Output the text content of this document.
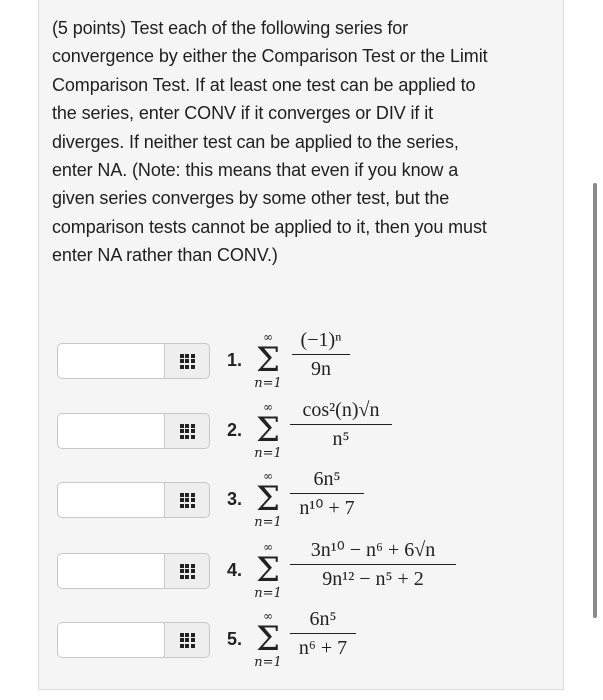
(5 points) Test each of the following series for
convergence by either the Comparison Test or the Limit
Comparison Test. If at least one test can be applied to
the series, enter CONV if it converges or DIV if it
diverges. If neither test can be applied to the series,
enter NA. (Note: this means that even if you know a
given series converges by some other test, but the
comparison tests cannot be applied to it, then you must
enter NA rather than CONV.)
1.
∞
Σ
n=1
(−1)ⁿ
9n
2.
∞
Σ
n=1
cos²(n)√n
n⁵
3.
∞
Σ
n=1
6n⁵
n¹⁰ + 7
4.
∞
Σ
n=1
3n¹⁰ − n⁶ + 6√n
9n¹² − n⁵ + 2
5.
∞
Σ
n=1
6n⁵
n⁶ + 7
